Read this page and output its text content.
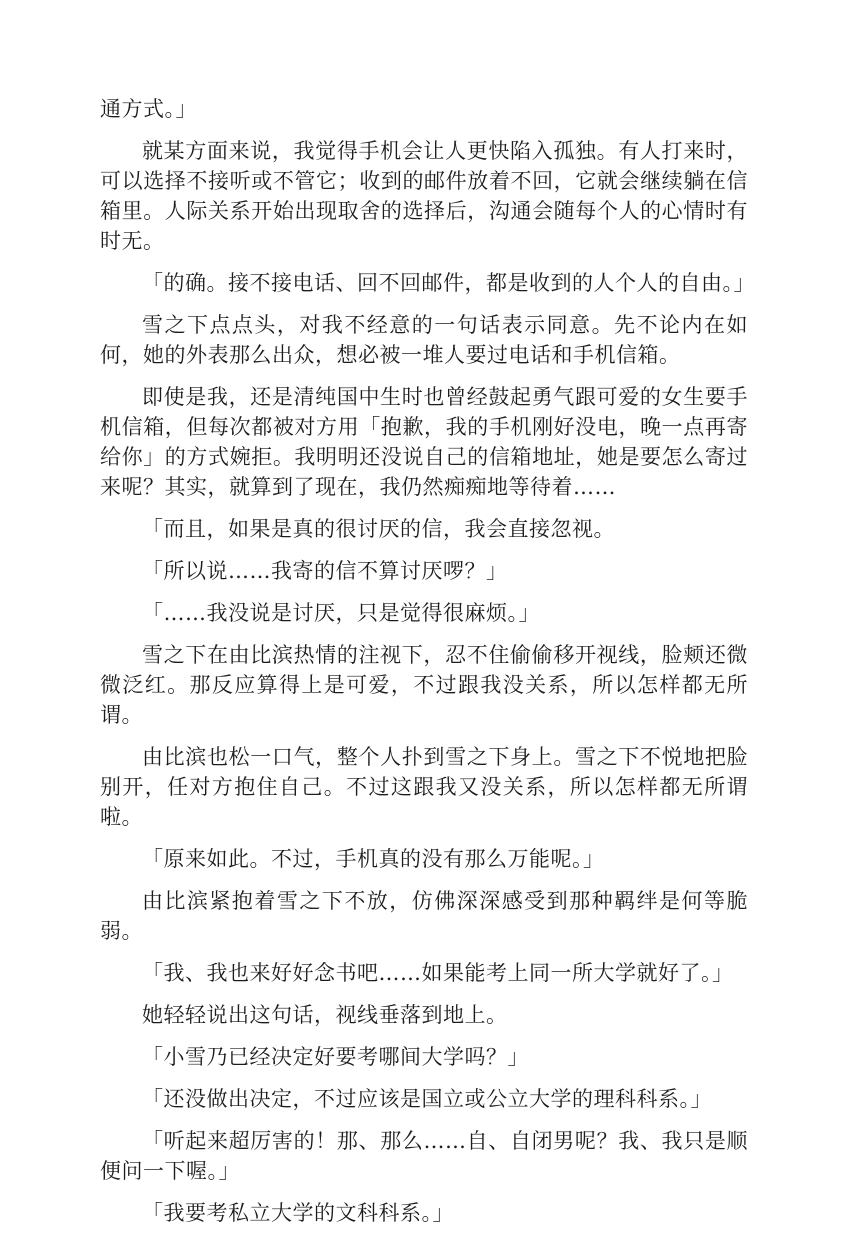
通方式。」

就某方面来说，我觉得手机会让人更快陷入孤独。有人打来时，可以选择不接听或不管它；收到的邮件放着不回，它就会继续躺在信箱里。人际关系开始出现取舍的选择后，沟通会随每个人的心情时有时无。

「的确。接不接电话、回不回邮件，都是收到的人个人的自由。」

雪之下点点头，对我不经意的一句话表示同意。先不论内在如何，她的外表那么出众，想必被一堆人要过电话和手机信箱。

即使是我，还是清纯国中生时也曾经鼓起勇气跟可爱的女生要手机信箱，但每次都被对方用「抱歉，我的手机刚好没电，晚一点再寄给你」的方式婉拒。我明明还没说自己的信箱地址，她是要怎么寄过来呢？其实，就算到了现在，我仍然痴痴地等待着……

「而且，如果是真的很讨厌的信，我会直接忽视。

「所以说……我寄的信不算讨厌啰？」

「……我没说是讨厌，只是觉得很麻烦。」

雪之下在由比滨热情的注视下，忍不住偷偷移开视线，脸颊还微微泛红。那反应算得上是可爱，不过跟我没关系，所以怎样都无所谓。

由比滨也松一口气，整个人扑到雪之下身上。雪之下不悦地把脸别开，任对方抱住自己。不过这跟我又没关系，所以怎样都无所谓啦。

「原来如此。不过，手机真的没有那么万能呢。」

由比滨紧抱着雪之下不放，仿佛深深感受到那种羁绊是何等脆弱。

「我、我也来好好念书吧……如果能考上同一所大学就好了。」

她轻轻说出这句话，视线垂落到地上。

「小雪乃已经决定好要考哪间大学吗？」

「还没做出决定，不过应该是国立或公立大学的理科科系。」

「听起来超厉害的！那、那么……自、自闭男呢？我、我只是顺便问一下喔。」

「我要考私立大学的文科科系。」
